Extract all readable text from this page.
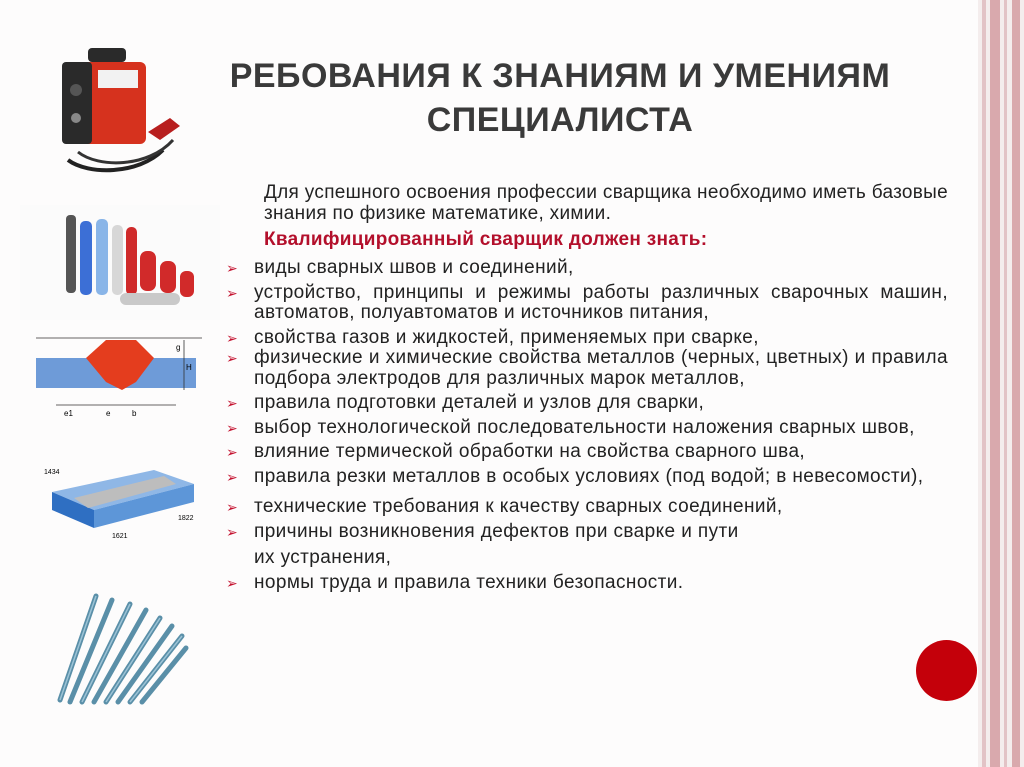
H
g
e
e1	b
1434
1621
1822
РЕБОВАНИЯ К ЗНАНИЯМ И УМЕНИЯМ
СПЕЦИАЛИСТА

Для успешного освоения профессии сварщика необходимо иметь базовые знания по физике математике, химии.

Квалифицированный сварщик должен знать:
➢ виды сварных швов и соединений,
➢ устройство, принципы и режимы работы различных сварочных машин, автоматов, полуавтоматов и источников питания,
➢ свойства газов и жидкостей, применяемых при сварке,
➢ физические и химические свойства металлов (черных, цветных) и правила подбора электродов для различных марок металлов,
➢ правила подготовки деталей и узлов для сварки,
➢ выбор технологической последовательности наложения сварных швов,
➢ влияние термической обработки на свойства сварного шва,
➢ правила резки металлов в особых условиях (под водой; в невесомости),
➢ технические требования к качеству сварных соединений,
➢ причины возникновения дефектов при сварке и пути
их устранения,
➢ нормы труда и правила техники безопасности.
